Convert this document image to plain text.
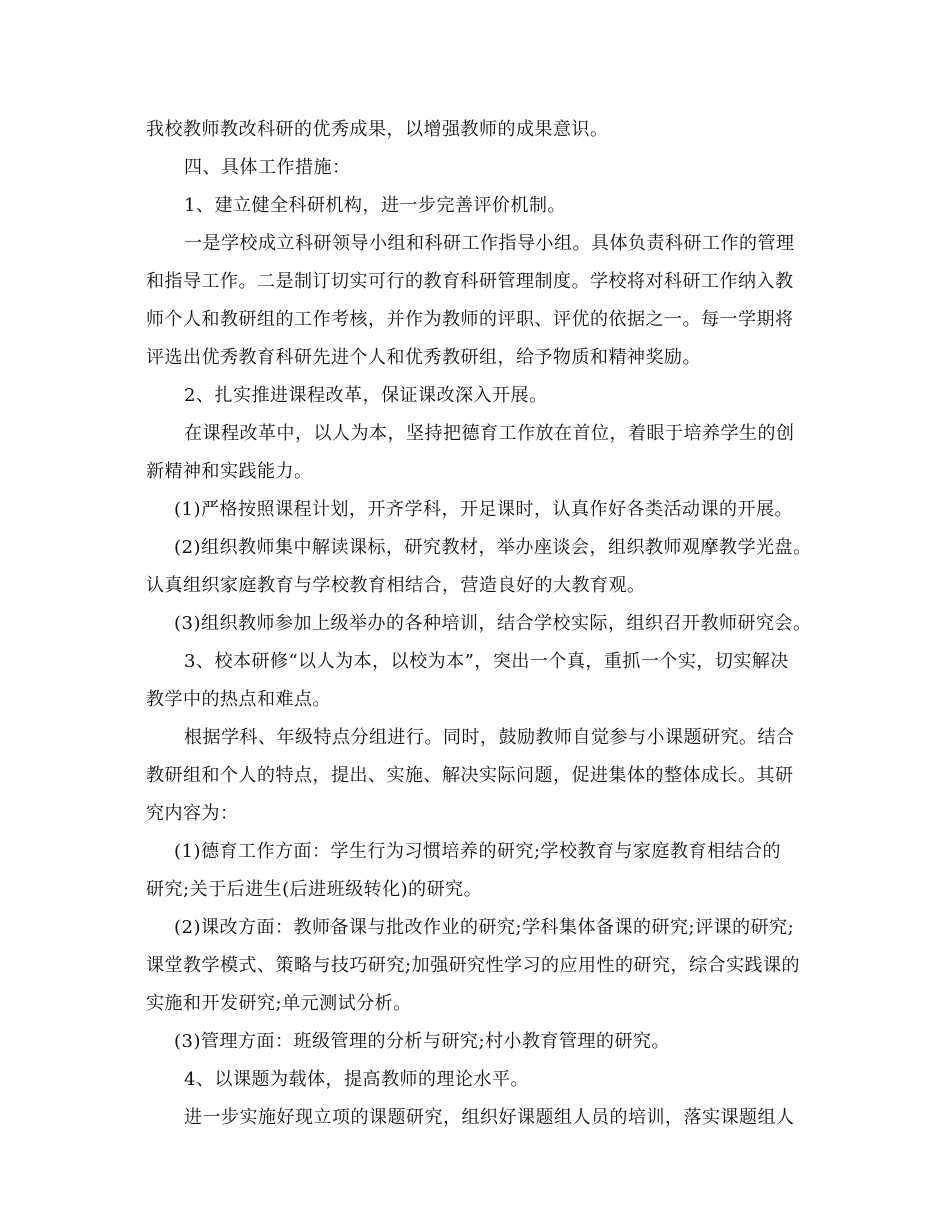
我校教师教改科研的优秀成果，以增强教师的成果意识。
四、具体工作措施：
1、建立健全科研机构，进一步完善评价机制。
一是学校成立科研领导小组和科研工作指导小组。具体负责科研工作的管理
和指导工作。二是制订切实可行的教育科研管理制度。学校将对科研工作纳入教
师个人和教研组的工作考核，并作为教师的评职、评优的依据之一。每一学期将
评选出优秀教育科研先进个人和优秀教研组，给予物质和精神奖励。
2、扎实推进课程改革，保证课改深入开展。
在课程改革中，以人为本，坚持把德育工作放在首位，着眼于培养学生的创
新精神和实践能力。
(1)严格按照课程计划，开齐学科，开足课时，认真作好各类活动课的开展。
(2)组织教师集中解读课标，研究教材，举办座谈会，组织教师观摩教学光盘。
认真组织家庭教育与学校教育相结合，营造良好的大教育观。
(3)组织教师参加上级举办的各种培训，结合学校实际，组织召开教师研究会。
3、校本研修“以人为本，以校为本”，突出一个真，重抓一个实，切实解决
教学中的热点和难点。
根据学科、年级特点分组进行。同时，鼓励教师自觉参与小课题研究。结合
教研组和个人的特点，提出、实施、解决实际问题，促进集体的整体成长。其研
究内容为：
(1)德育工作方面：学生行为习惯培养的研究;学校教育与家庭教育相结合的
研究;关于后进生(后进班级转化)的研究。
(2)课改方面：教师备课与批改作业的研究;学科集体备课的研究;评课的研究;
课堂教学模式、策略与技巧研究;加强研究性学习的应用性的研究，综合实践课的
实施和开发研究;单元测试分析。
(3)管理方面：班级管理的分析与研究;村小教育管理的研究。
4、以课题为载体，提高教师的理论水平。
进一步实施好现立项的课题研究，组织好课题组人员的培训，落实课题组人
